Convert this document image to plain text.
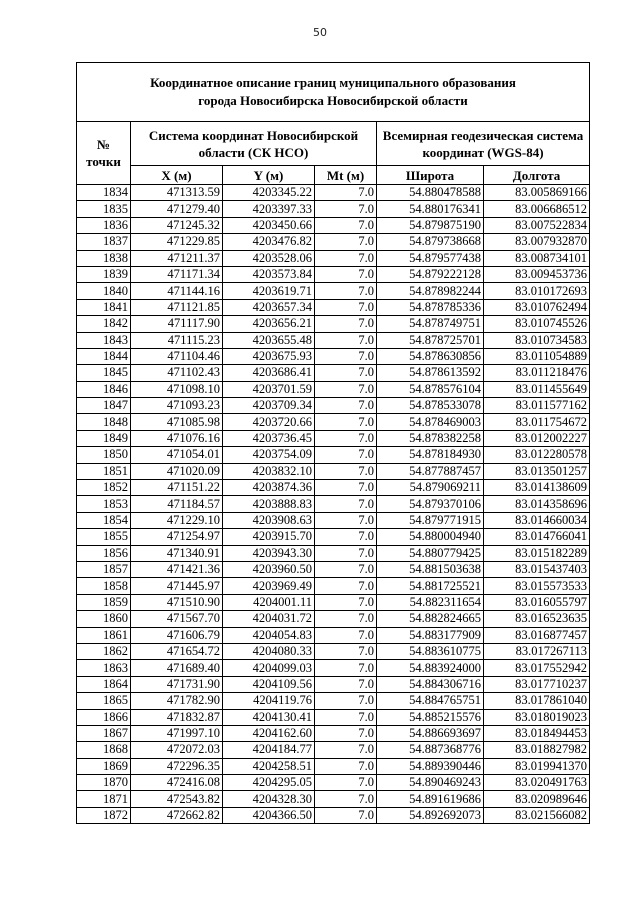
50
Координатное описание границ муниципального образования
города Новосибирска Новосибирской области					

№ точки	Система координат Новосибирской области (СК НСО)			Всемирная геодезическая система координат (WGS-84)	
	X (м)	Y (м)	Mt (м)	Широта	Долгота
1834	471313.59	4203345.22	7.0	54.880478588	83.005869166
1835	471279.40	4203397.33	7.0	54.880176341	83.006686512
1836	471245.32	4203450.66	7.0	54.879875190	83.007522834
1837	471229.85	4203476.82	7.0	54.879738668	83.007932870
1838	471211.37	4203528.06	7.0	54.879577438	83.008734101
1839	471171.34	4203573.84	7.0	54.879222128	83.009453736
1840	471144.16	4203619.71	7.0	54.878982244	83.010172693
1841	471121.85	4203657.34	7.0	54.878785336	83.010762494
1842	471117.90	4203656.21	7.0	54.878749751	83.010745526
1843	471115.23	4203655.48	7.0	54.878725701	83.010734583
1844	471104.46	4203675.93	7.0	54.878630856	83.011054889
1845	471102.43	4203686.41	7.0	54.878613592	83.011218476
1846	471098.10	4203701.59	7.0	54.878576104	83.011455649
1847	471093.23	4203709.34	7.0	54.878533078	83.011577162
1848	471085.98	4203720.66	7.0	54.878469003	83.011754672
1849	471076.16	4203736.45	7.0	54.878382258	83.012002227
1850	471054.01	4203754.09	7.0	54.878184930	83.012280578
1851	471020.09	4203832.10	7.0	54.877887457	83.013501257
1852	471151.22	4203874.36	7.0	54.879069211	83.014138609
1853	471184.57	4203888.83	7.0	54.879370106	83.014358696
1854	471229.10	4203908.63	7.0	54.879771915	83.014660034
1855	471254.97	4203915.70	7.0	54.880004940	83.014766041
1856	471340.91	4203943.30	7.0	54.880779425	83.015182289
1857	471421.36	4203960.50	7.0	54.881503638	83.015437403
1858	471445.97	4203969.49	7.0	54.881725521	83.015573533
1859	471510.90	4204001.11	7.0	54.882311654	83.016055797
1860	471567.70	4204031.72	7.0	54.882824665	83.016523635
1861	471606.79	4204054.83	7.0	54.883177909	83.016877457
1862	471654.72	4204080.33	7.0	54.883610775	83.017267113
1863	471689.40	4204099.03	7.0	54.883924000	83.017552942
1864	471731.90	4204109.56	7.0	54.884306716	83.017710237
1865	471782.90	4204119.76	7.0	54.884765751	83.017861040
1866	471832.87	4204130.41	7.0	54.885215576	83.018019023
1867	471997.10	4204162.60	7.0	54.886693697	83.018494453
1868	472072.03	4204184.77	7.0	54.887368776	83.018827982
1869	472296.35	4204258.51	7.0	54.889390446	83.019941370
1870	472416.08	4204295.05	7.0	54.890469243	83.020491763
1871	472543.82	4204328.30	7.0	54.891619686	83.020989646
1872	472662.82	4204366.50	7.0	54.892692073	83.021566082
